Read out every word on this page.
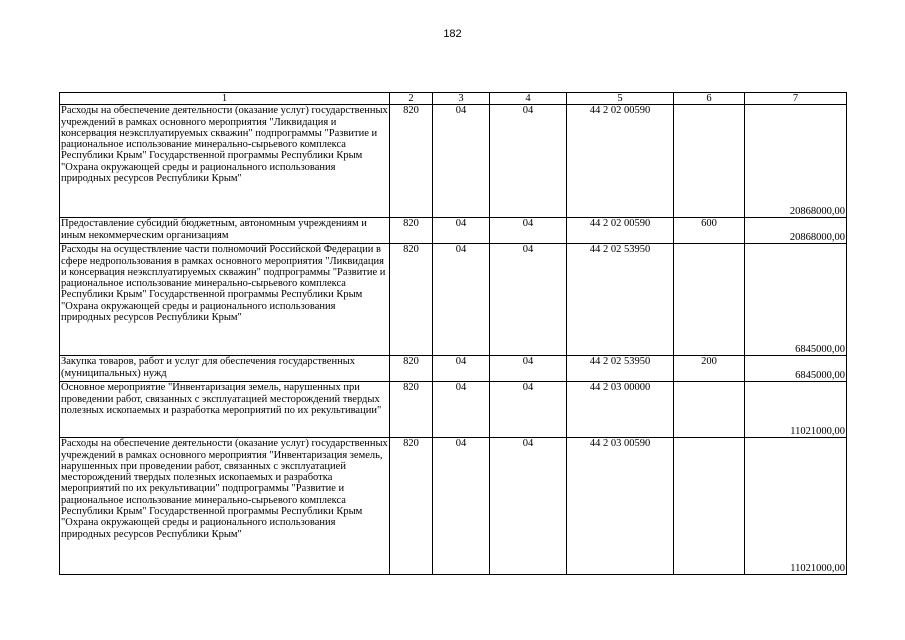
182
1	2	3	4	5	6	7
Расходы на обеспечение деятельности (оказание услуг) государственных учреждений в рамках основного мероприятия "Ликвидация и консервация неэксплуатируемых скважин" подпрограммы "Развитие и рациональное использование минерально-сырьевого комплекса Республики Крым" Государственной программы Республики Крым "Охрана окружающей среды и рационального использования природных ресурсов Республики Крым"	820	04	04	44 2 02 00590		20868000,00
Предоставление субсидий бюджетным, автономным учреждениям и иным некоммерческим организациям	820	04	04	44 2 02 00590	600	20868000,00
Расходы на осуществление части полномочий Российской Федерации в сфере недропользования в рамках основного мероприятия "Ликвидация и консервация неэксплуатируемых скважин" подпрограммы "Развитие и рациональное использование минерально-сырьевого комплекса Республики Крым" Государственной программы Республики Крым "Охрана окружающей среды и рационального использования природных ресурсов Республики Крым"	820	04	04	44 2 02 53950		6845000,00
Закупка товаров, работ и услуг для обеспечения государственных (муниципальных) нужд	820	04	04	44 2 02 53950	200	6845000,00
Основное мероприятие "Инвентаризация земель, нарушенных при проведении работ, связанных с эксплуатацией месторождений твердых полезных ископаемых и разработка мероприятий по их рекультивации"	820	04	04	44 2 03 00000		11021000,00
Расходы на обеспечение деятельности (оказание услуг) государственных учреждений в рамках основного мероприятия "Инвентаризация земель, нарушенных при проведении работ, связанных с эксплуатацией месторождений твердых полезных ископаемых и разработка мероприятий по их рекультивации" подпрограммы "Развитие и рациональное использование минерально-сырьевого комплекса Республики Крым" Государственной программы Республики Крым "Охрана окружающей среды и рационального использования природных ресурсов Республики Крым"	820	04	04	44 2 03 00590		11021000,00
